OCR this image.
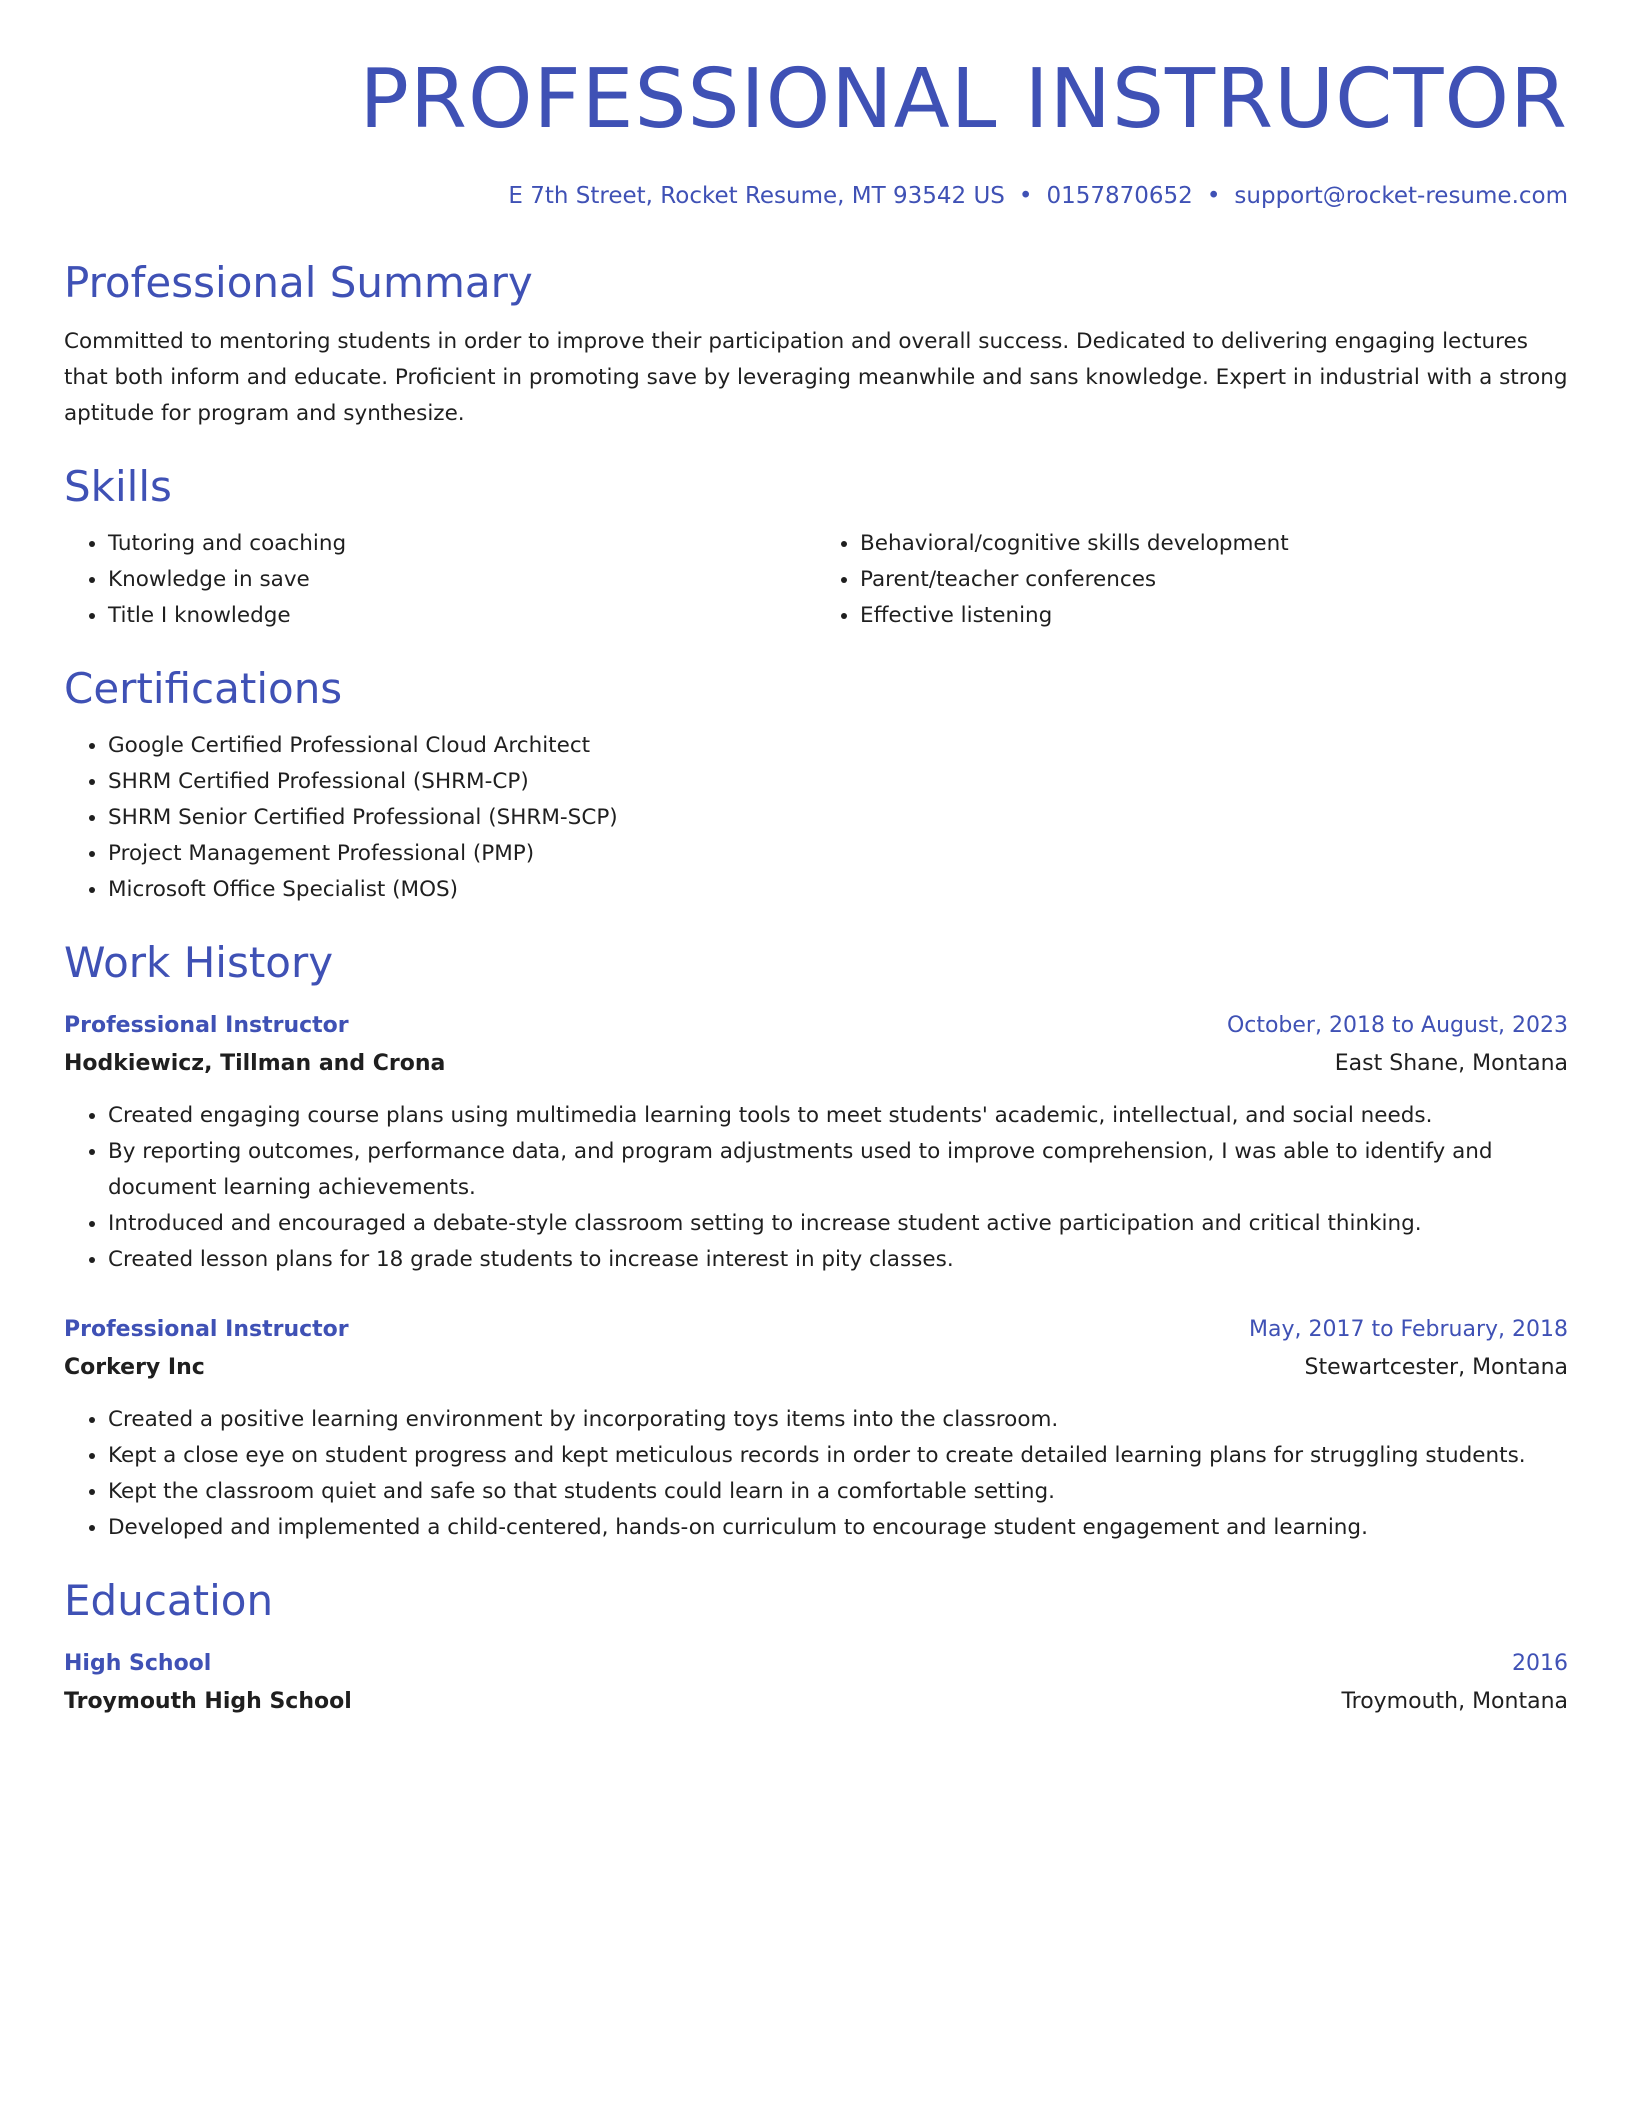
PROFESSIONAL INSTRUCTOR
E 7th Street, Rocket Resume, MT 93542 US • 0157870652 • support@rocket-resume.com
Professional Summary
Committed to mentoring students in order to improve their participation and overall success. Dedicated to delivering engaging lectures that both inform and educate. Proficient in promoting save by leveraging meanwhile and sans knowledge. Expert in industrial with a strong aptitude for program and synthesize.
Skills
• Tutoring and coaching
• Knowledge in save
• Title I knowledge
• Behavioral/cognitive skills development
• Parent/teacher conferences
• Effective listening
Certifications
• Google Certified Professional Cloud Architect
• SHRM Certified Professional (SHRM-CP)
• SHRM Senior Certified Professional (SHRM-SCP)
• Project Management Professional (PMP)
• Microsoft Office Specialist (MOS)
Work History
Professional Instructor	October, 2018 to August, 2023
Hodkiewicz, Tillman and Crona	East Shane, Montana
• Created engaging course plans using multimedia learning tools to meet students' academic, intellectual, and social needs.
• By reporting outcomes, performance data, and program adjustments used to improve comprehension, I was able to identify and document learning achievements.
• Introduced and encouraged a debate-style classroom setting to increase student active participation and critical thinking.
• Created lesson plans for 18 grade students to increase interest in pity classes.
Professional Instructor	May, 2017 to February, 2018
Corkery Inc	Stewartcester, Montana
• Created a positive learning environment by incorporating toys items into the classroom.
• Kept a close eye on student progress and kept meticulous records in order to create detailed learning plans for struggling students.
• Kept the classroom quiet and safe so that students could learn in a comfortable setting.
• Developed and implemented a child-centered, hands-on curriculum to encourage student engagement and learning.
Education
High School	2016
Troymouth High School	Troymouth, Montana
